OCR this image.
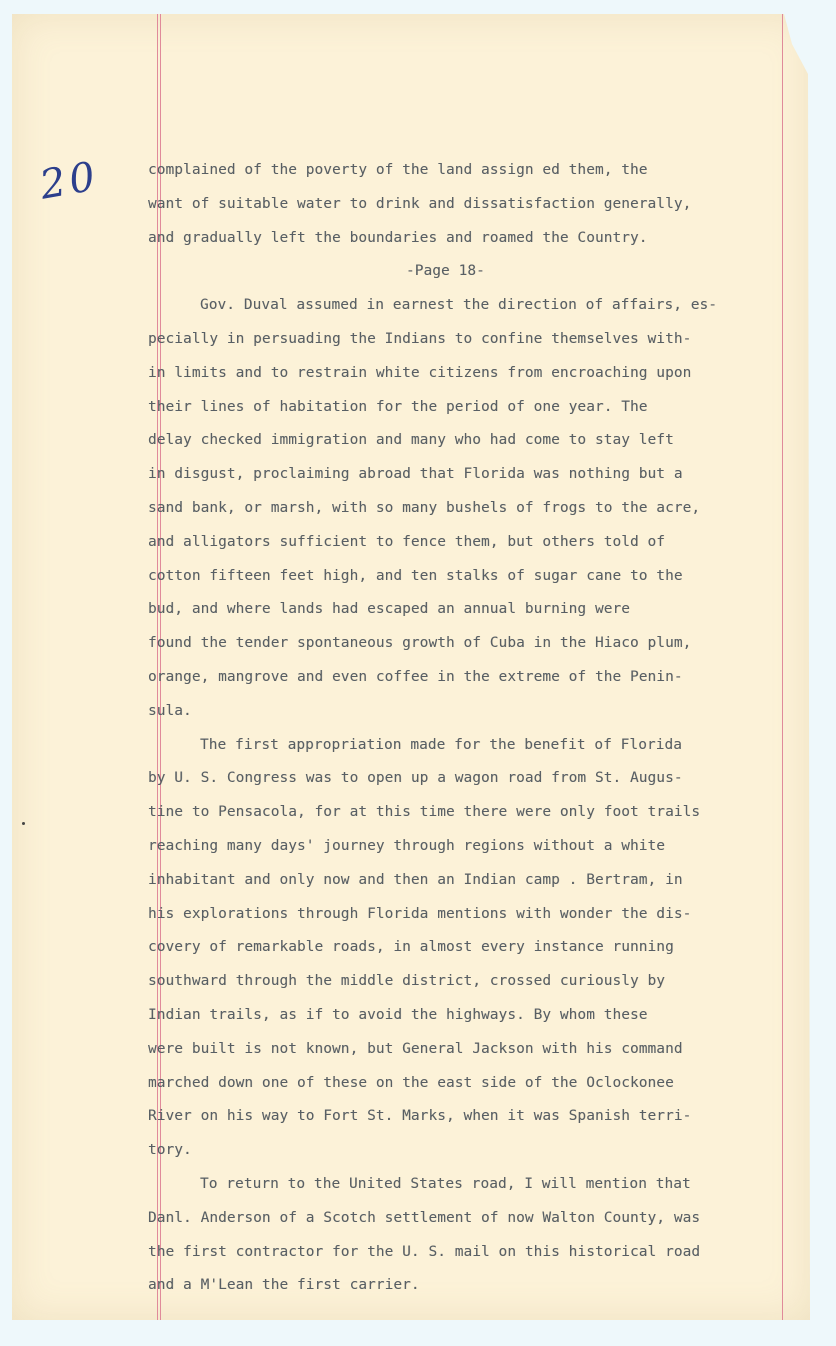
20	complained of the poverty of the land assign ed them, the
want of suitable water to drink and dissatisfaction generally,
and gradually left the boundaries and roamed the Country.
-Page 18-
Gov. Duval assumed in earnest the direction of affairs, es-
pecially in persuading the Indians to confine themselves with-
in limits and to restrain white citizens from encroaching upon
their lines of habitation for the period of one year. The
delay checked immigration and many who had come to stay left
in disgust, proclaiming abroad that Florida was nothing but a
sand bank, or marsh, with so many bushels of frogs to the acre,
and alligators sufficient to fence them, but others told of
cotton fifteen feet high, and ten stalks of sugar cane to the
bud, and where lands had escaped an annual burning were
found the tender spontaneous growth of Cuba in the Hiaco plum,
orange, mangrove and even coffee in the extreme of the Penin-
sula.
The first appropriation made for the benefit of Florida
by U. S. Congress was to open up a wagon road from St. Augus-
tine to Pensacola, for at this time there were only foot trails
reaching many days' journey through regions without a white
inhabitant and only now and then an Indian camp . Bertram, in
his explorations through Florida mentions with wonder the dis-
covery of remarkable roads, in almost every instance running
southward through the middle district, crossed curiously by
Indian trails, as if to avoid the highways. By whom these
were built is not known, but General Jackson with his command
marched down one of these on the east side of the Oclockonee
River on his way to Fort St. Marks, when it was Spanish terri-
tory.
To return to the United States road, I will mention that
Danl. Anderson of a Scotch settlement of now Walton County, was
the first contractor for the U. S. mail on this historical road
and a M'Lean the first carrier.
